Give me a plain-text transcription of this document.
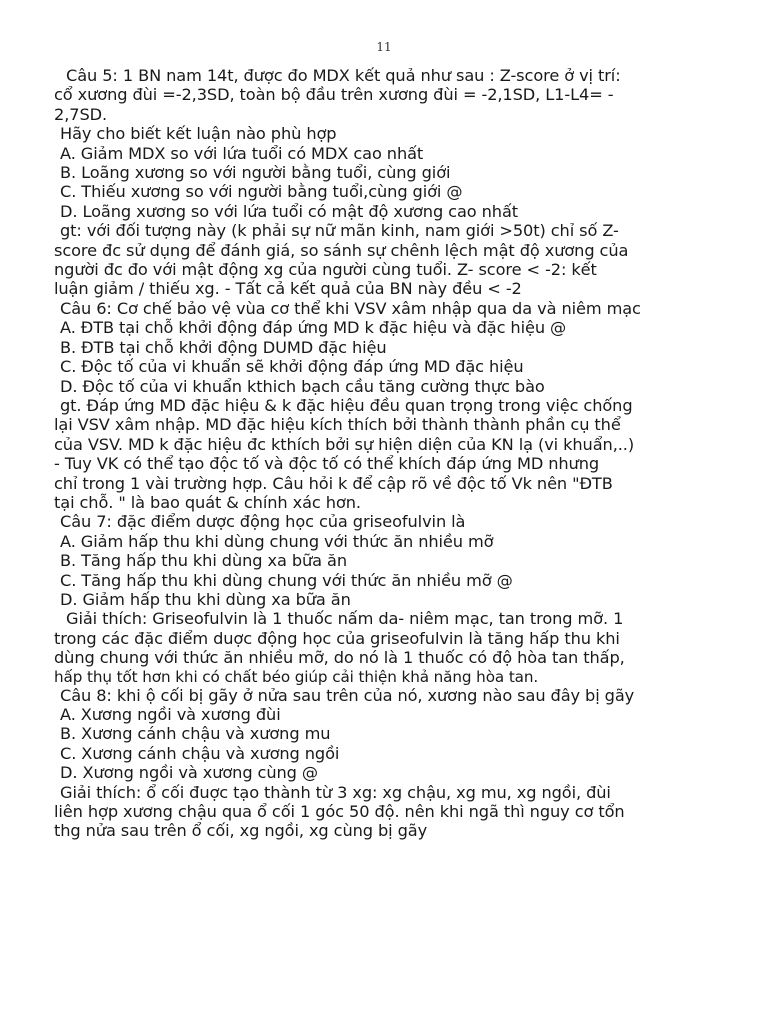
11
Câu 5: 1 BN nam 14t, được đo MDX kết quả như sau : Z-score ở vị trí:
cổ xương đùi =-2,3SD, toàn bộ đầu trên xương đùi = -2,1SD, L1-L4= -
2,7SD.
Hãy cho biết kết luận nào phù hợp
A. Giảm MDX so với lứa tuổi có MDX cao nhất
B. Loãng xương so với người bằng tuổi, cùng giới
C. Thiếu xương so với người bằng tuổi,cùng giới @
D. Loãng xương so với lứa tuổi có mật độ xương cao nhất
gt: với đối tượng này (k phải sự nữ mãn kinh, nam giới >50t) chỉ số Z-
score đc sử dụng để đánh giá, so sánh sự chênh lệch mật độ xương của
người đc đo với mật động xg của người cùng tuổi. Z- score < -2: kết
luận giảm / thiếu xg. - Tất cả kết quả của BN này đều < -2
Câu 6: Cơ chế bảo vệ vùa cơ thể khi VSV xâm nhập qua da và niêm mạc
A. ĐTB tại chỗ khởi động đáp ứng MD k đặc hiệu và đặc hiệu @
B. ĐTB tại chỗ khởi động DUMD đặc hiệu
C. Độc tố của vi khuẩn sẽ khởi động đáp ứng MD đặc hiệu
D. Độc tố của vi khuẩn kthich bạch cầu tăng cường thực bào
gt. Đáp ứng MD đặc hiệu & k đặc hiệu đều quan trọng trong việc chống
lại VSV xâm nhập. MD đặc hiệu kích thích bởi thành thành phần cụ thể
của VSV. MD k đặc hiệu đc kthích bởi sự hiện diện của KN lạ (vi khuẩn,..)
- Tuy VK có thể tạo độc tố và độc tố có thể khích đáp ứng MD nhưng
chỉ trong 1 vài trường hợp. Câu hỏi k để cập rõ về độc tố Vk nên "ĐTB
tại chỗ. " là bao quát & chính xác hơn.
Câu 7: đặc điểm dược động học của griseofulvin là
A. Giảm hấp thu khi dùng chung với thức ăn nhiều mỡ
B. Tăng hấp thu khi dùng xa bữa ăn
C. Tăng hấp thu khi dùng chung với thức ăn nhiều mỡ @
D. Giảm hấp thu khi dùng xa bữa ăn
Giải thích: Griseofulvin là 1 thuốc nấm da- niêm mạc, tan trong mỡ. 1
trong các đặc điểm duợc động học của griseofulvin là tăng hấp thu khi
dùng chung với thức ăn nhiều mỡ, do nó là 1 thuốc có độ hòa tan thấp,
hấp thụ tốt hơn khi có chất béo giúp cải thiện khả năng hòa tan.
Câu 8: khi ộ cối bị gãy ở nửa sau trên của nó, xương nào sau đây bị gãy
A. Xương ngồi và xương đùi
B. Xương cánh chậu và xương mu
C. Xương cánh chậu và xương ngồi
D. Xương ngồi và xương cùng @
Giải thích: ổ cối đuợc tạo thành từ 3 xg: xg chậu, xg mu, xg ngồi, đùi
liên hợp xương chậu qua ổ cối 1 góc 50 độ. nên khi ngã thì nguy cơ tổn
thg nửa sau trên ổ cối, xg ngồi, xg cùng bị gãy
